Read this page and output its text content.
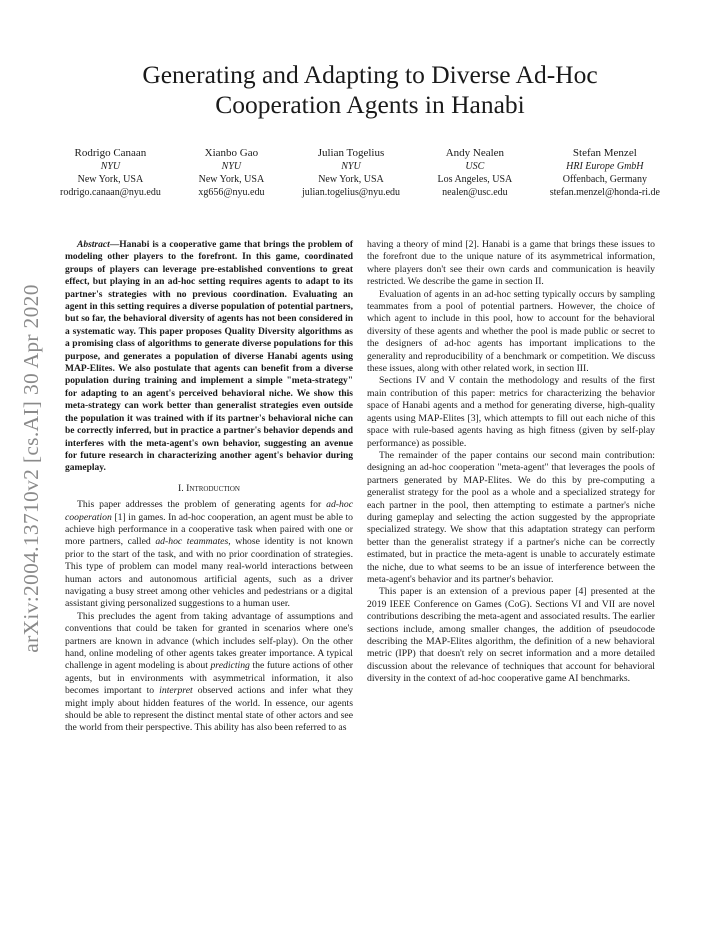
arXiv:2004.13710v2 [cs.AI] 30 Apr 2020
Generating and Adapting to Diverse Ad-Hoc
Cooperation Agents in Hanabi
Rodrigo Canaan
NYU
New York, USA
rodrigo.canaan@nyu.edu
Xianbo Gao
NYU
New York, USA
xg656@nyu.edu
Julian Togelius
NYU
New York, USA
julian.togelius@nyu.edu
Andy Nealen
USC
Los Angeles, USA
nealen@usc.edu
Stefan Menzel
HRI Europe GmbH
Offenbach, Germany
stefan.menzel@honda-ri.de

Abstract—Hanabi is a cooperative game that brings the problem of modeling other players to the forefront. In this game, coordinated groups of players can leverage pre-established conventions to great effect, but playing in an ad-hoc setting requires agents to adapt to its partner's strategies with no previous coordination. Evaluating an agent in this setting requires a diverse population of potential partners, but so far, the behavioral diversity of agents has not been considered in a systematic way. This paper proposes Quality Diversity algorithms as a promising class of algorithms to generate diverse populations for this purpose, and generates a population of diverse Hanabi agents using MAP-Elites. We also postulate that agents can benefit from a diverse population during training and implement a simple "meta-strategy" for adapting to an agent's perceived behavioral niche. We show this meta-strategy can work better than generalist strategies even outside the population it was trained with if its partner's behavioral niche can be correctly inferred, but in practice a partner's behavior depends and interferes with the meta-agent's own behavior, suggesting an avenue for future research in characterizing another agent's behavior during gameplay.

I. Introduction

This paper addresses the problem of generating agents for ad-hoc cooperation [1] in games. In ad-hoc cooperation, an agent must be able to achieve high performance in a cooperative task when paired with one or more partners, called ad-hoc teammates, whose identity is not known prior to the start of the task, and with no prior coordination of strategies. This type of problem can model many real-world interactions between human actors and autonomous artificial agents, such as a driver navigating a busy street among other vehicles and pedestrians or a digital assistant giving personalized suggestions to a human user.

This precludes the agent from taking advantage of assumptions and conventions that could be taken for granted in scenarios where one's partners are known in advance (which includes self-play). On the other hand, online modeling of other agents takes greater importance. A typical challenge in agent modeling is about predicting the future actions of other agents, but in environments with asymmetrical information, it also becomes important to interpret observed actions and infer what they might imply about hidden features of the world. In essence, our agents should be able to represent the distinct mental state of other actors and see the world from their perspective. This ability has also been referred to as

having a theory of mind [2]. Hanabi is a game that brings these issues to the forefront due to the unique nature of its asymmetrical information, where players don't see their own cards and communication is heavily restricted. We describe the game in section II.

Evaluation of agents in an ad-hoc setting typically occurs by sampling teammates from a pool of potential partners. However, the choice of which agent to include in this pool, how to account for the behavioral diversity of these agents and whether the pool is made public or secret to the designers of ad-hoc agents has important implications to the generality and reproducibility of a benchmark or competition. We discuss these issues, along with other related work, in section III.

Sections IV and V contain the methodology and results of the first main contribution of this paper: metrics for characterizing the behavior space of Hanabi agents and a method for generating diverse, high-quality agents using MAP-Elites [3], which attempts to fill out each niche of this space with rule-based agents having as high fitness (given by self-play performance) as possible.

The remainder of the paper contains our second main contribution: designing an ad-hoc cooperation "meta-agent" that leverages the pools of partners generated by MAP-Elites. We do this by pre-computing a generalist strategy for the pool as a whole and a specialized strategy for each partner in the pool, then attempting to estimate a partner's niche during gameplay and selecting the action suggested by the appropriate specialized strategy. We show that this adaptation strategy can perform better than the generalist strategy if a partner's niche can be correctly estimated, but in practice the meta-agent is unable to accurately estimate the niche, due to what seems to be an issue of interference between the meta-agent's behavior and its partner's behavior.

This paper is an extension of a previous paper [4] presented at the 2019 IEEE Conference on Games (CoG). Sections VI and VII are novel contributions describing the meta-agent and associated results. The earlier sections include, among smaller changes, the addition of pseudocode describing the MAP-Elites algorithm, the definition of a new behavioral metric (IPP) that doesn't rely on secret information and a more detailed discussion about the relevance of techniques that account for behavioral diversity in the context of ad-hoc cooperative game AI benchmarks.
